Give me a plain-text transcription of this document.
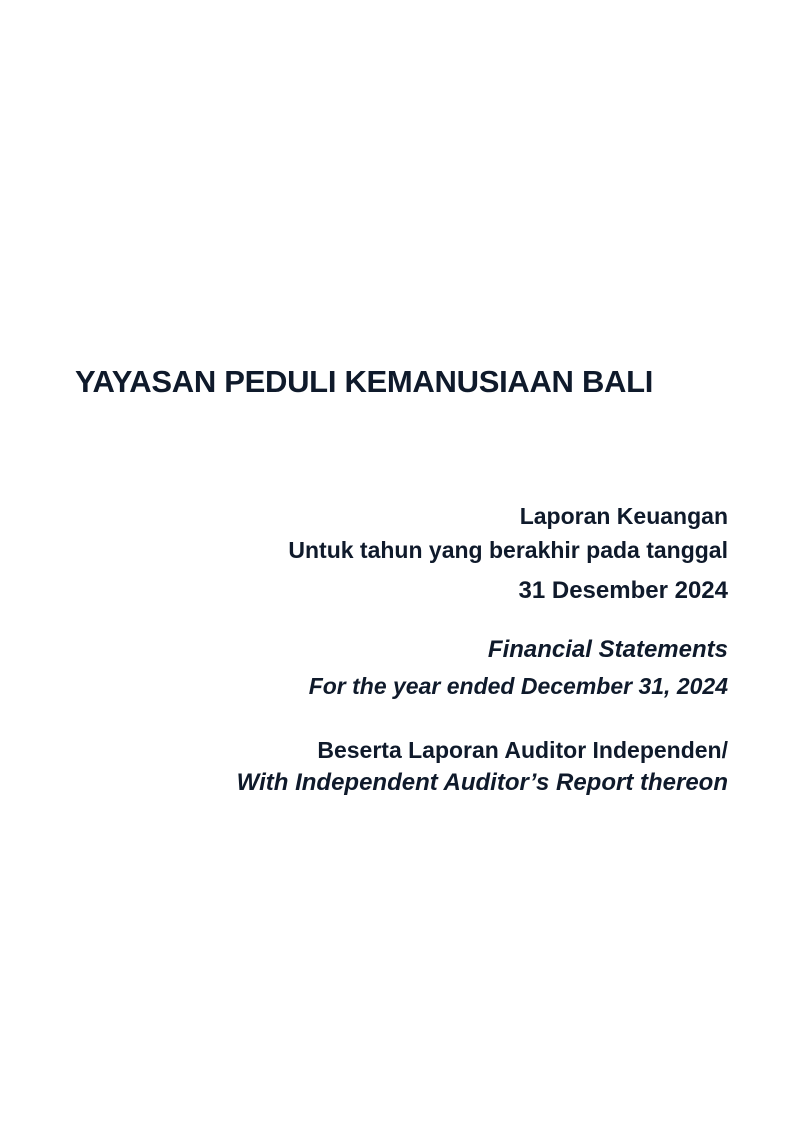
YAYASAN PEDULI KEMANUSIAAN BALI
Laporan Keuangan
Untuk tahun yang berakhir pada tanggal
31 Desember 2024
Financial Statements
For the year ended December 31, 2024
Beserta Laporan Auditor Independen/
With Independent Auditor’s Report thereon
